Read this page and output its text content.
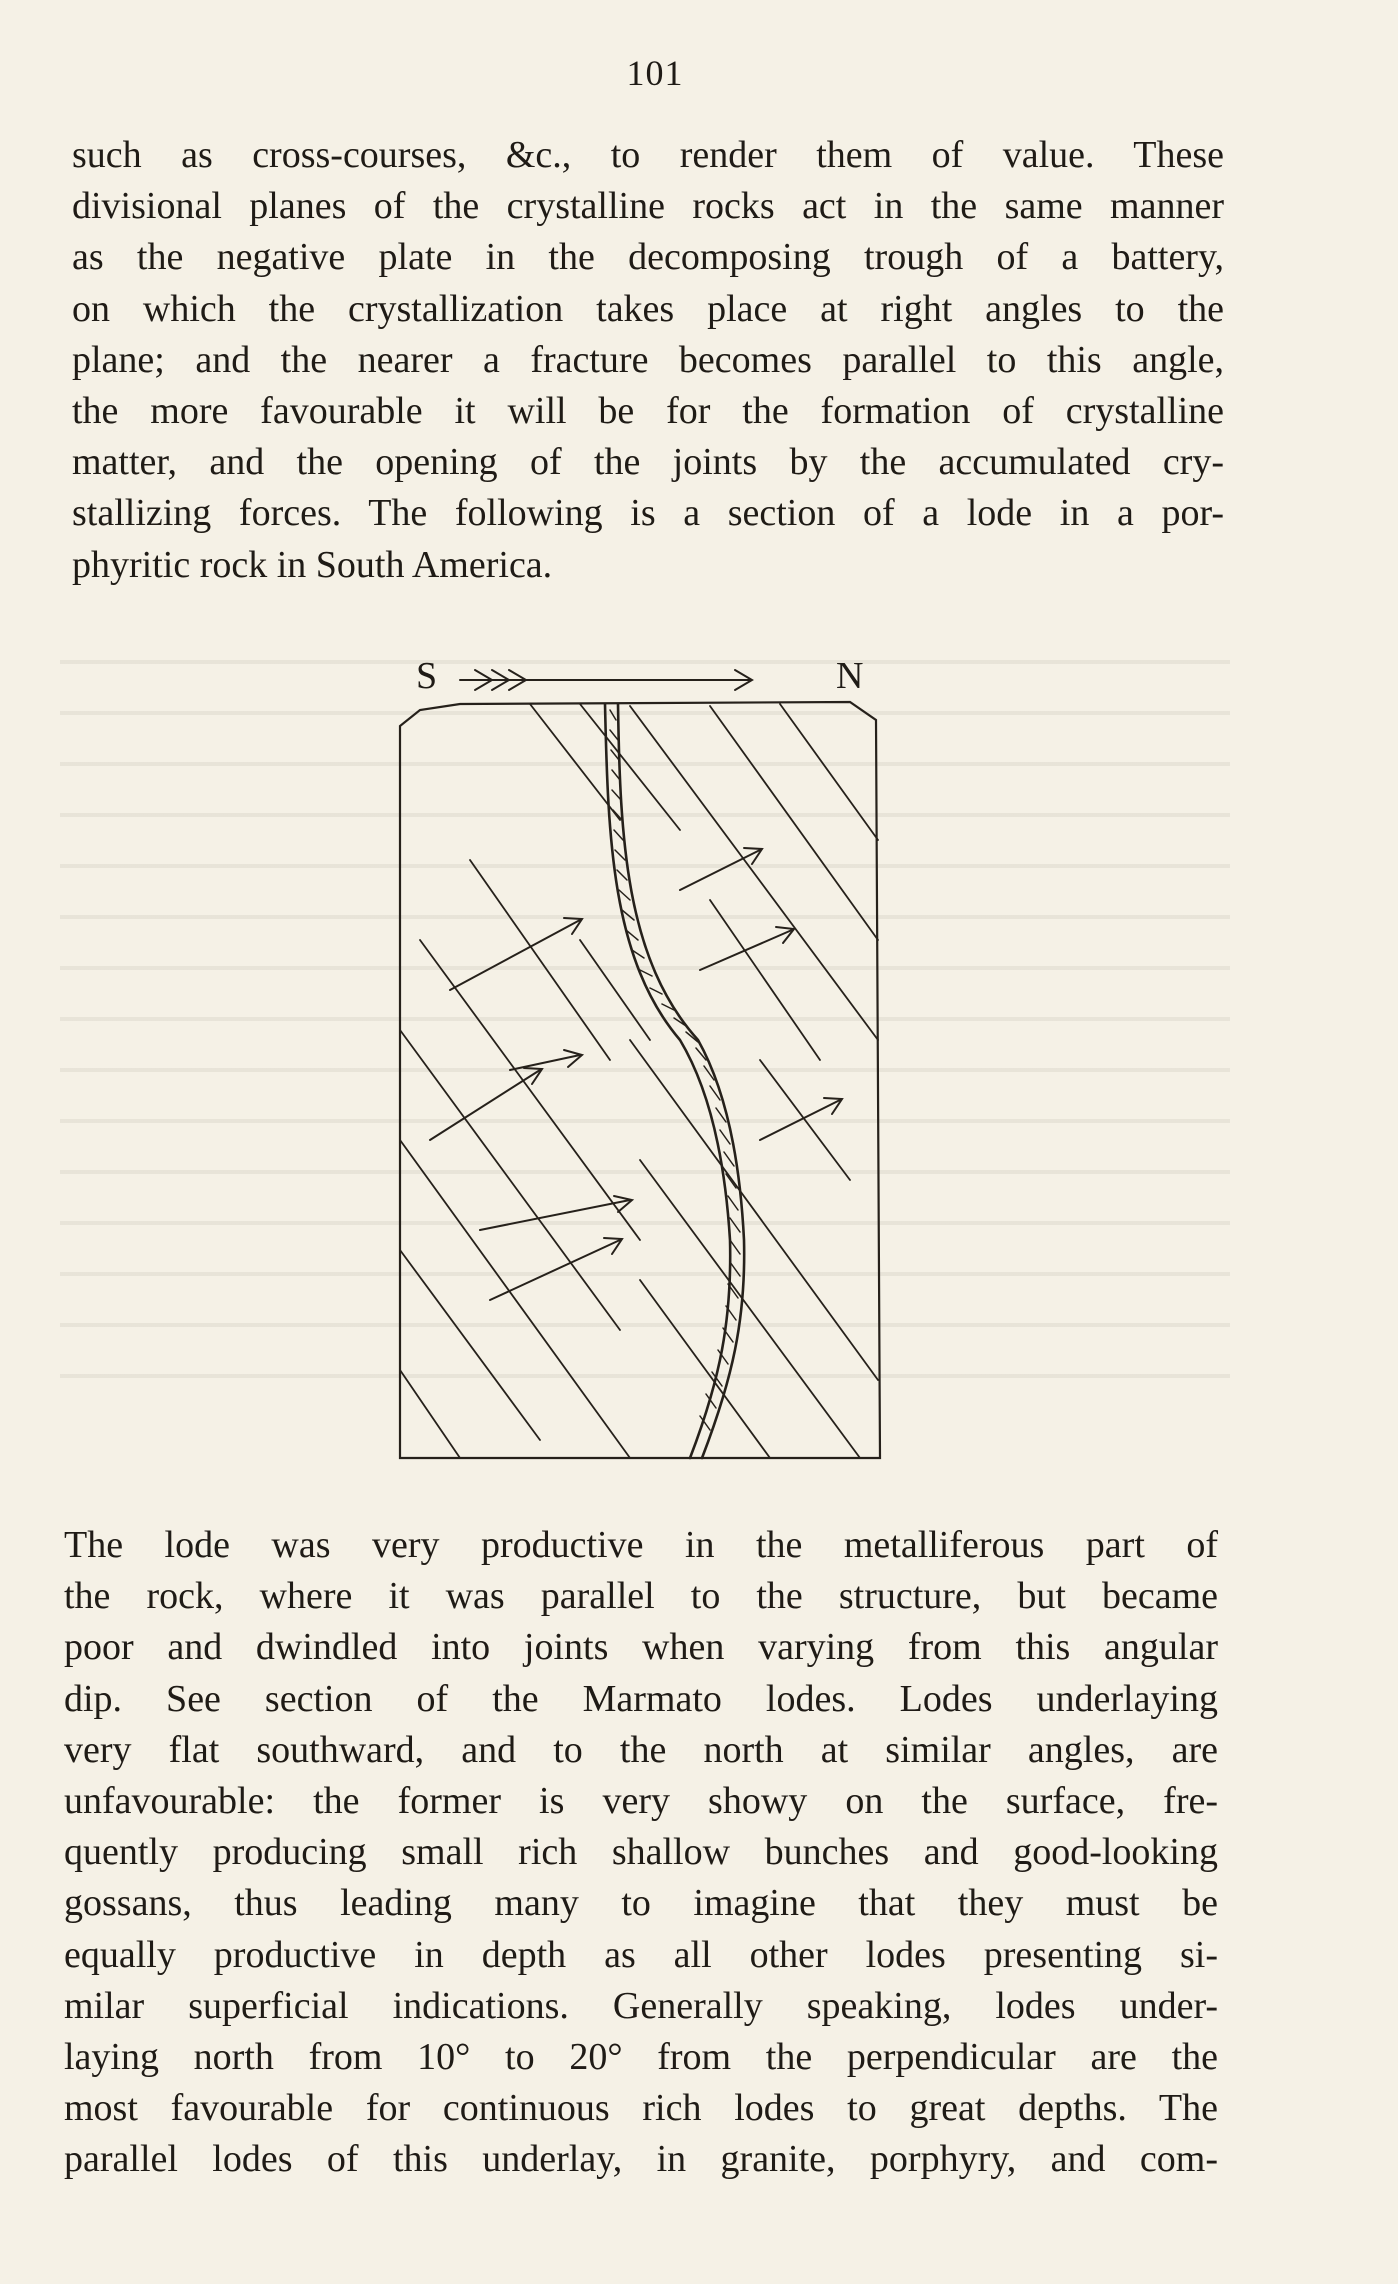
101
such as cross-courses, &c., to render them of value. These
divisional planes of the crystalline rocks act in the same manner
as the negative plate in the decomposing trough of a battery,
on which the crystallization takes place at right angles to the
plane; and the nearer a fracture becomes parallel to this angle,
the more favourable it will be for the formation of crystalline
matter, and the opening of the joints by the accumulated cry-
stallizing forces. The following is a section of a lode in a por-
phyritic rock in South America.
S	N
The lode was very productive in the metalliferous part of
the rock, where it was parallel to the structure, but became
poor and dwindled into joints when varying from this angular
dip. See section of the Marmato lodes. Lodes underlaying
very flat southward, and to the north at similar angles, are
unfavourable: the former is very showy on the surface, fre-
quently producing small rich shallow bunches and good-looking
gossans, thus leading many to imagine that they must be
equally productive in depth as all other lodes presenting si-
milar superficial indications. Generally speaking, lodes under-
laying north from 10° to 20° from the perpendicular are the
most favourable for continuous rich lodes to great depths. The
parallel lodes of this underlay, in granite, porphyry, and com-
